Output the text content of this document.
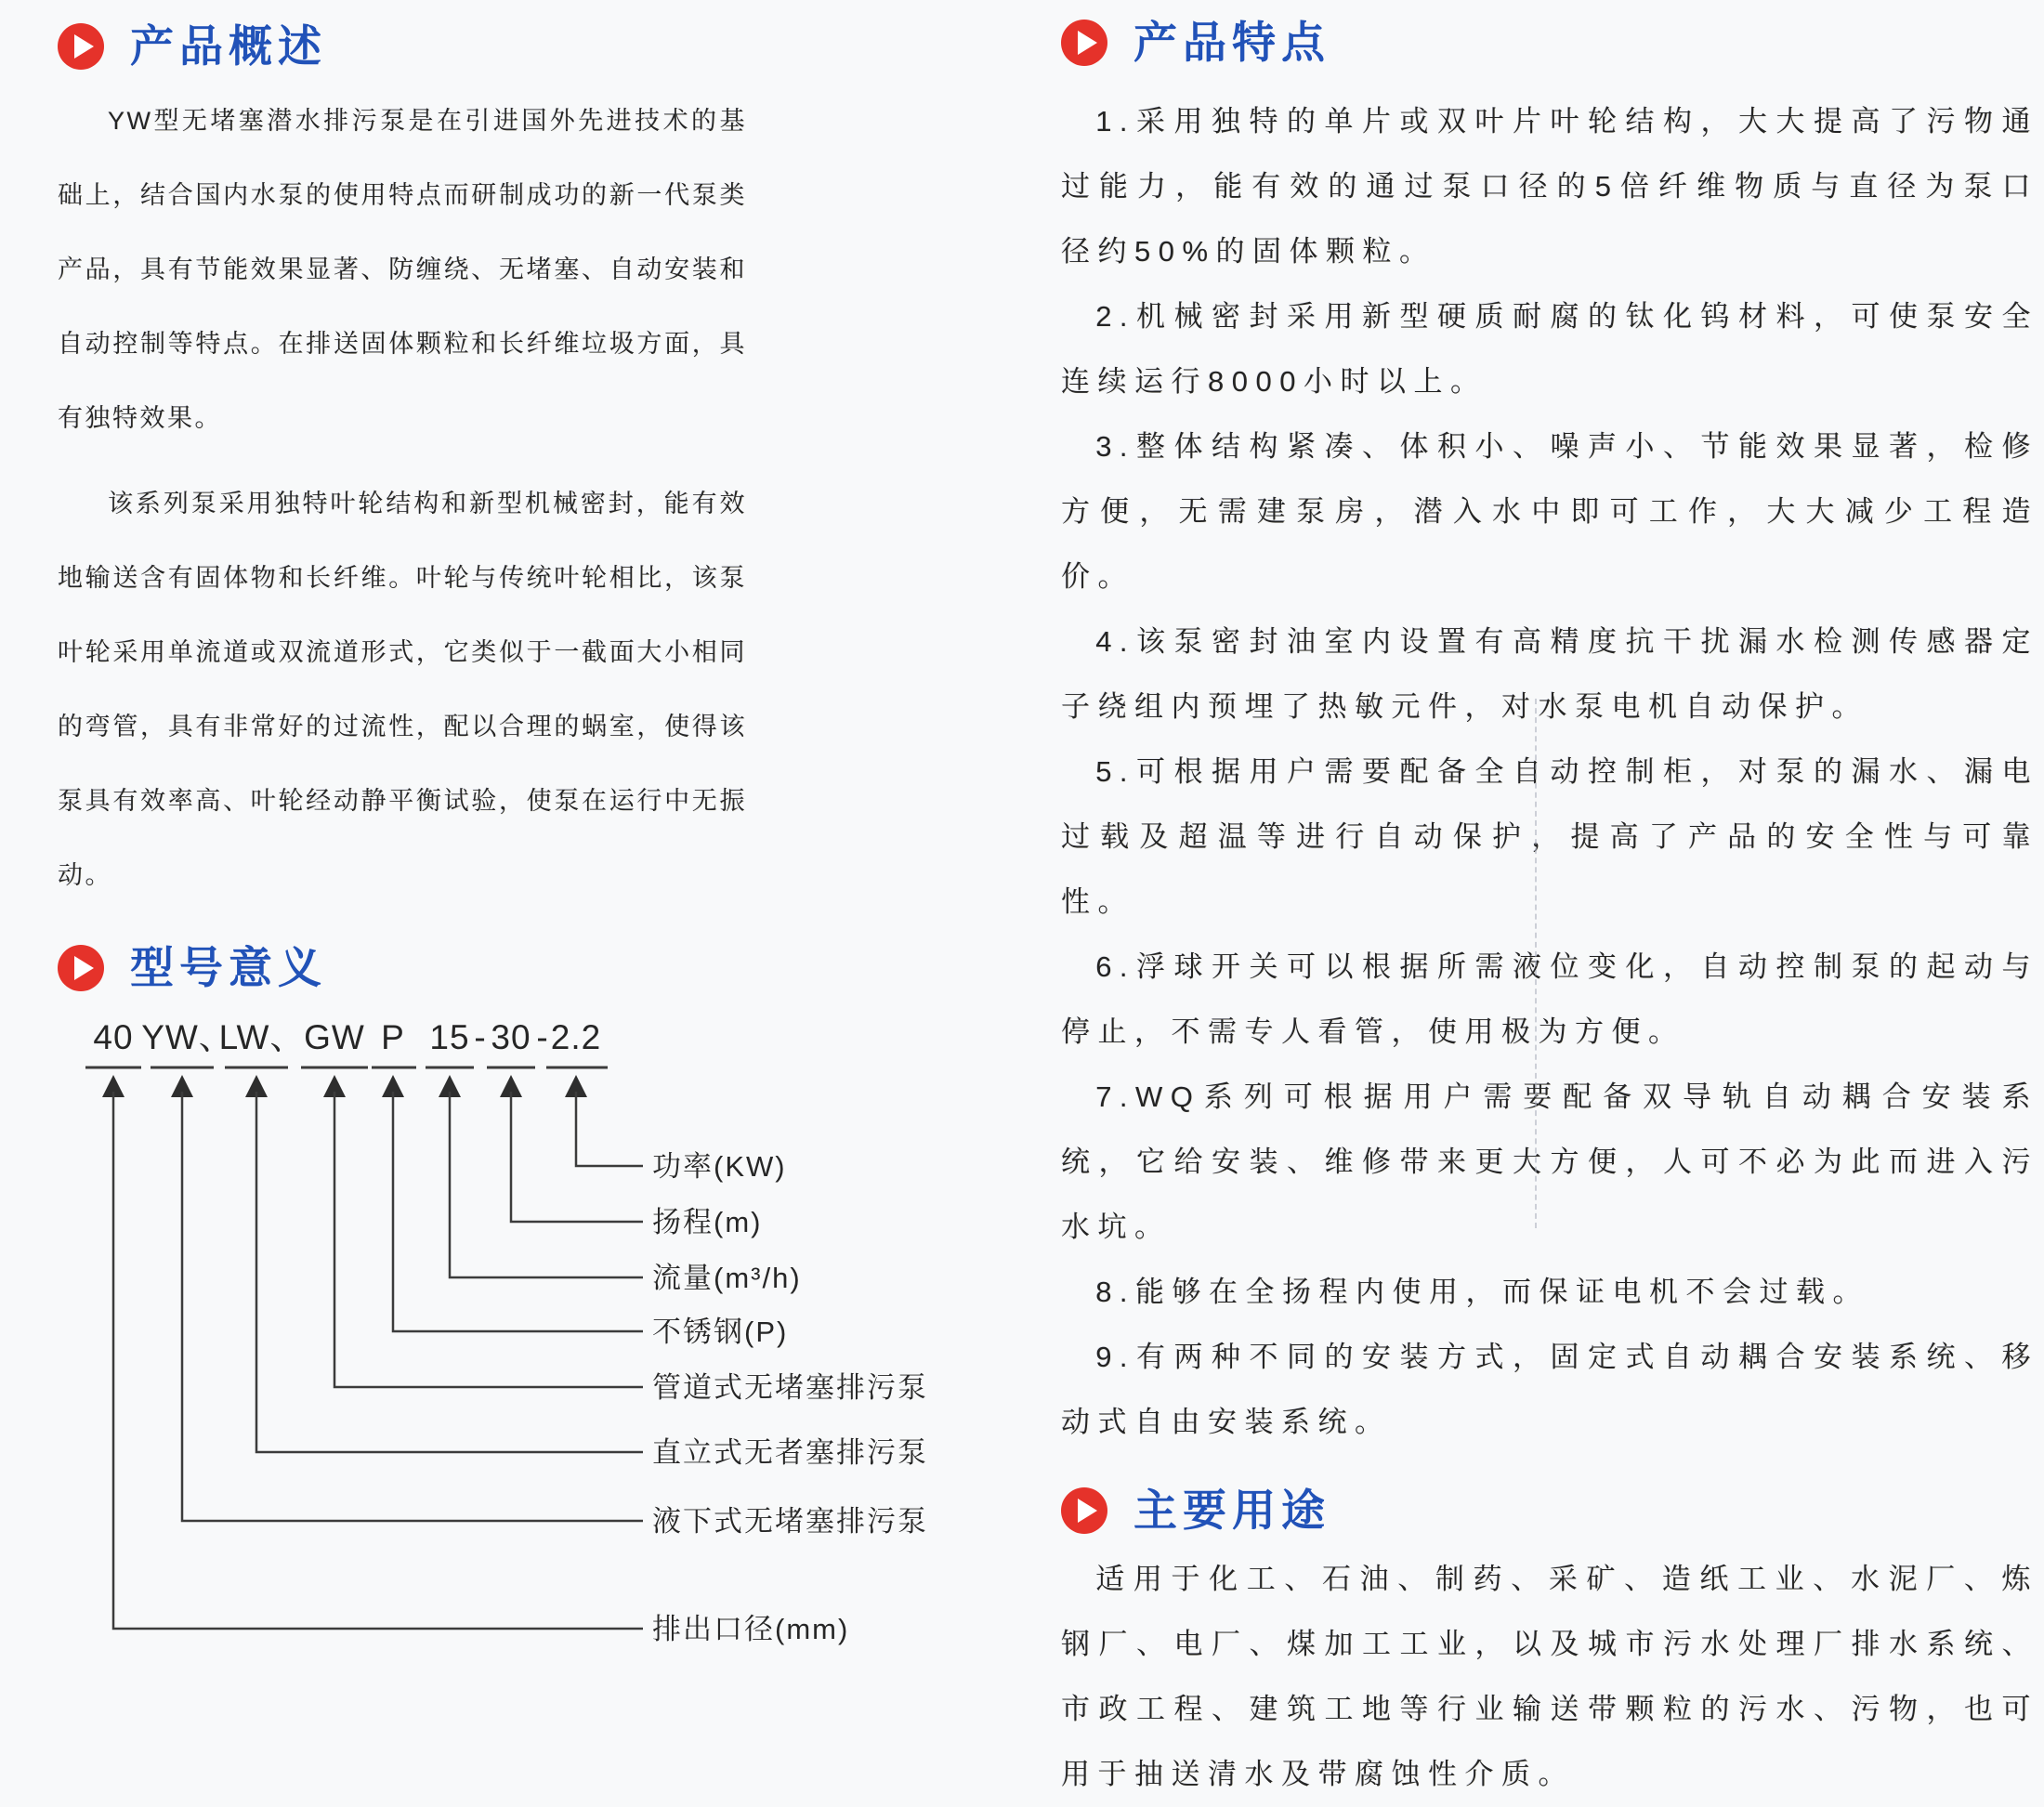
产品概述

YW型无堵塞潜水排污泵是在引进国外先进技术的基础上，结合国内水泵的使用特点而研制成功的新一代泵类产品，具有节能效果显著、防缠绕、无堵塞、自动安装和自动控制等特点。在排送固体颗粒和长纤维垃圾方面，具有独特效果。

该系列泵采用独特叶轮结构和新型机械密封，能有效地输送含有固体物和长纤维。叶轮与传统叶轮相比，该泵叶轮采用单流道或双流道形式，它类似于一截面大小相同的弯管，具有非常好的过流性，配以合理的蜗室，使得该泵具有效率高、叶轮经动静平衡试验，使泵在运行中无振动。

型号意义
40 YW、
LW、
GW P 15 - 30 - 2.2
功率(KW)
扬程(m)
流量(m³/h)
不锈钢(P)
管道式无堵塞排污泵
直立式无者塞排污泵
液下式无堵塞排污泵
排出口径(mm)
产品特点

1.采用独特的单片或双叶片叶轮结构，大大提高了污物通过能力，能有效的通过泵口径的5倍纤维物质与直径为泵口径约50%的固体颗粒。

2.机械密封采用新型硬质耐腐的钛化钨材料，可使泵安全连续运行8000小时以上。

3.整体结构紧凑、体积小、噪声小、节能效果显著，检修方便，无需建泵房，潜入水中即可工作，大大减少工程造价。

4.该泵密封油室内设置有高精度抗干扰漏水检测传感器定子绕组内预埋了热敏元件，对水泵电机自动保护。

5.可根据用户需要配备全自动控制柜，对泵的漏水、漏电过载及超温等进行自动保护，提高了产品的安全性与可靠性。

6.浮球开关可以根据所需液位变化，自动控制泵的起动与停止，不需专人看管，使用极为方便。

7.WQ系列可根据用户需要配备双导轨自动耦合安装系统，它给安装、维修带来更大方便，人可不必为此而进入污水坑。

8.能够在全扬程内使用，而保证电机不会过载。

9.有两种不同的安装方式，固定式自动耦合安装系统、移动式自由安装系统。

主要用途

适用于化工、石油、制药、采矿、造纸工业、水泥厂、炼钢厂、电厂、煤加工工业，以及城市污水处理厂排水系统、市政工程、建筑工地等行业输送带颗粒的污水、污物，也可用于抽送清水及带腐蚀性介质。
